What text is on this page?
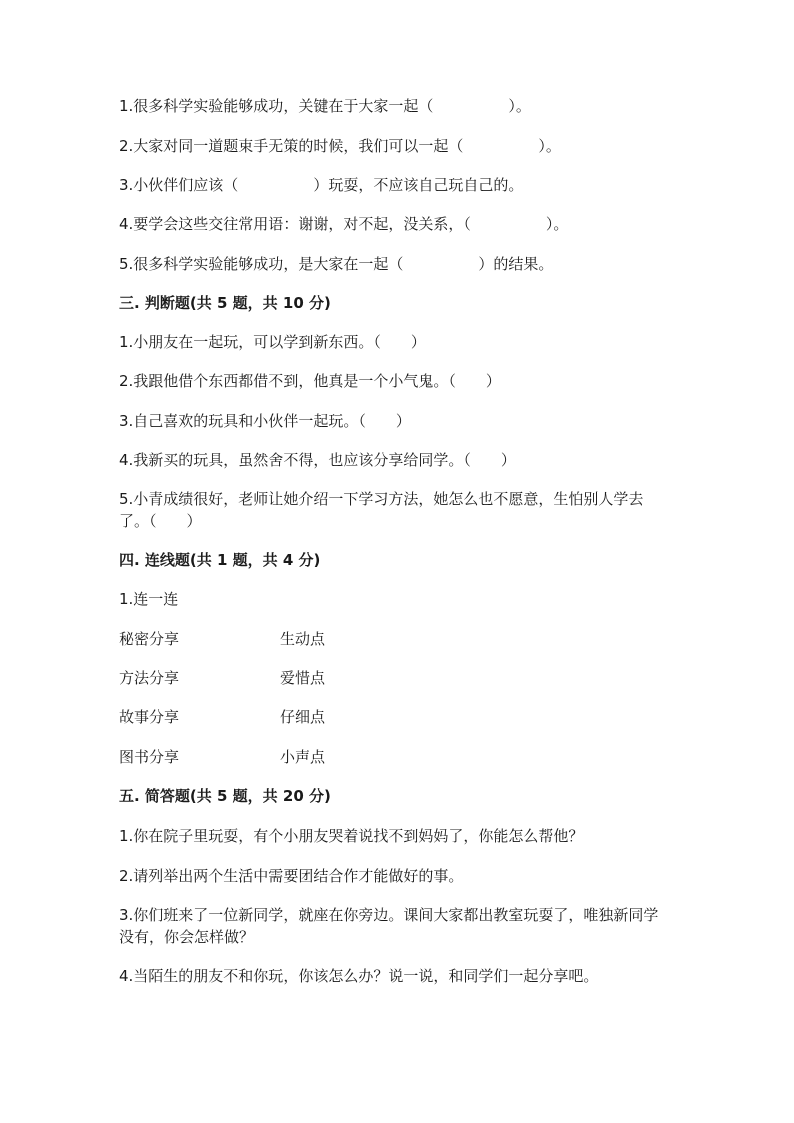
1.很多科学实验能够成功，关键在于大家一起（　　　　　）。
2.大家对同一道题束手无策的时候，我们可以一起（　　　　　）。
3.小伙伴们应该（　　　　　）玩耍，不应该自己玩自己的。
4.要学会这些交往常用语：谢谢，对不起，没关系，（　　　　　）。
5.很多科学实验能够成功，是大家在一起（　　　　　）的结果。
三. 判断题(共 5 题，共 10 分)
1.小朋友在一起玩，可以学到新东西。（　　）
2.我跟他借个东西都借不到，他真是一个小气鬼。（　　）
3.自己喜欢的玩具和小伙伴一起玩。（　　）
4.我新买的玩具，虽然舍不得，也应该分享给同学。（　　）
5.小青成绩很好，老师让她介绍一下学习方法，她怎么也不愿意，生怕别人学去了。（　　）
四. 连线题(共 1 题，共 4 分)
1.连一连
秘密分享	生动点
方法分享	爱惜点
故事分享	仔细点
图书分享	小声点
五. 简答题(共 5 题，共 20 分)
1.你在院子里玩耍，有个小朋友哭着说找不到妈妈了，你能怎么帮他？
2.请列举出两个生活中需要团结合作才能做好的事。
3.你们班来了一位新同学，就座在你旁边。课间大家都出教室玩耍了，唯独新同学没有，你会怎样做？
4.当陌生的朋友不和你玩，你该怎么办？说一说，和同学们一起分享吧。
